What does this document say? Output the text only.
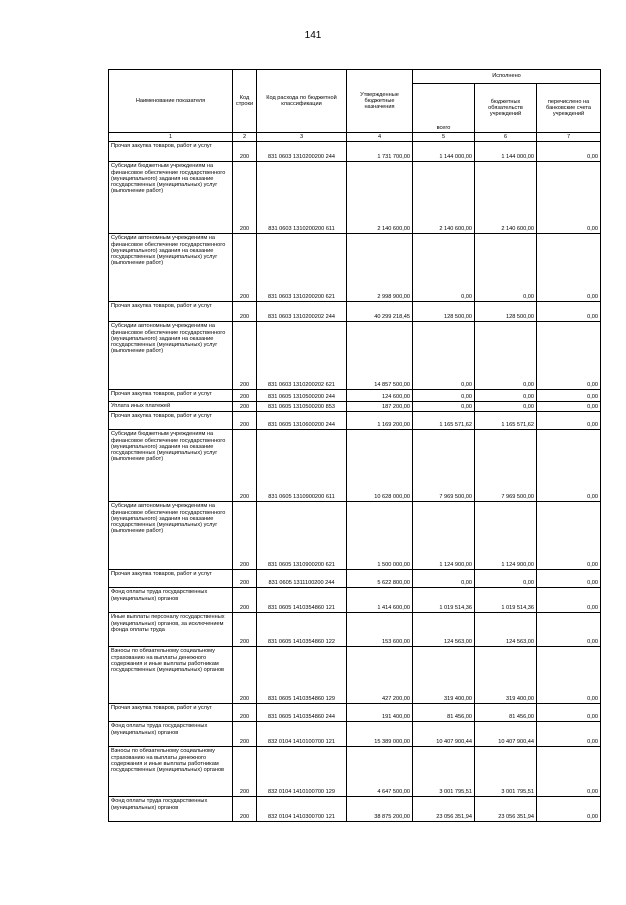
141
Наименование показателя	Код строки	Код расхода по бюджетной классификации	Утвержденные бюджетные назначения	Исполнено		
				всего	бюджетных обязательств учреждений	перечислено на банковские счета учреждений
1	2	3	4	5	6	7
Прочая закупка товаров, работ и услуг	200	831 0603 1310200200 244	1 731 700,00	1 144 000,00	1 144 000,00	0,00
Субсидии бюджетным учреждениям на финансовое обеспечение государственного (муниципального) задания на оказание государственных (муниципальных) услуг (выполнение работ)	200	831 0603 1310200200 611	2 140 600,00	2 140 600,00	2 140 600,00	0,00
Субсидии автономным учреждениям на финансовое обеспечение государственного (муниципального) задания на оказание государственных (муниципальных) услуг (выполнение работ)	200	831 0603 1310200200 621	2 998 900,00	0,00	0,00	0,00
Прочая закупка товаров, работ и услуг	200	831 0603 1310200202 244	40 299 218,45	128 500,00	128 500,00	0,00
Субсидии автономным учреждениям на финансовое обеспечение государственного (муниципального) задания на оказание государственных (муниципальных) услуг (выполнение работ)	200	831 0603 1310200202 621	14 857 500,00	0,00	0,00	0,00
Прочая закупка товаров, работ и услуг	200	831 0605 1310500200 244	124 600,00	0,00	0,00	0,00
Уплата иных платежей	200	831 0605 1310500200 853	187 200,00	0,00	0,00	0,00
Прочая закупка товаров, работ и услуг	200	831 0605 1310600200 244	1 169 200,00	1 165 571,62	1 165 571,62	0,00
Субсидии бюджетным учреждениям на финансовое обеспечение государственного (муниципального) задания на оказание государственных (муниципальных) услуг (выполнение работ)	200	831 0605 1310900200 611	10 628 000,00	7 969 500,00	7 969 500,00	0,00
Субсидии автономным учреждениям на финансовое обеспечение государственного (муниципального) задания на оказание государственных (муниципальных) услуг (выполнение работ)	200	831 0605 1310900200 621	1 500 000,00	1 124 900,00	1 124 900,00	0,00
Прочая закупка товаров, работ и услуг	200	831 0605 1311100200 244	5 622 800,00	0,00	0,00	0,00
Фонд оплаты труда государственных (муниципальных) органов	200	831 0605 1410354860 121	1 414 600,00	1 019 514,36	1 019 514,36	0,00
Иные выплаты персоналу государственных (муниципальных) органов, за исключением фонда оплаты труда	200	831 0605 1410354860 122	153 600,00	124 563,00	124 563,00	0,00
Взносы по обязательному социальному страхованию на выплаты денежного содержания и иные выплаты работникам государственных (муниципальных) органов	200	831 0605 1410354860 129	427 200,00	319 400,00	319 400,00	0,00
Прочая закупка товаров, работ и услуг	200	831 0605 1410354860 244	191 400,00	81 456,00	81 456,00	0,00
Фонд оплаты труда государственных (муниципальных) органов	200	832 0104 1410100700 121	15 389 000,00	10 407 900,44	10 407 900,44	0,00
Взносы по обязательному социальному страхованию на выплаты денежного содержания и иные выплаты работникам государственных (муниципальных) органов	200	832 0104 1410100700 129	4 647 500,00	3 001 795,51	3 001 795,51	0,00
Фонд оплаты труда государственных (муниципальных) органов	200	832 0104 1410300700 121	38 875 200,00	23 056 351,94	23 056 351,94	0,00
